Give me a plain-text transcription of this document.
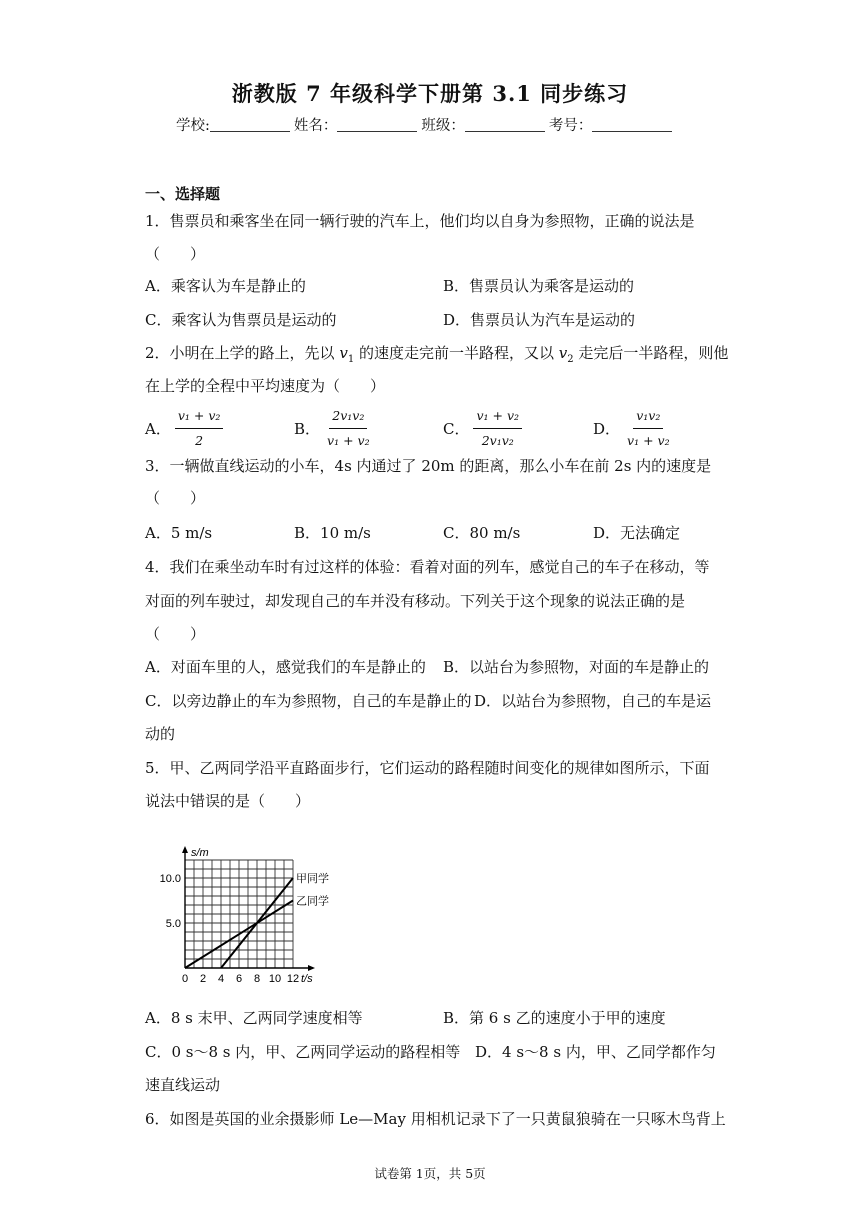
浙教版 7 年级科学下册第 3.1 同步练习
学校:	姓名：	班级：	考号：
一、选择题
1．售票员和乘客坐在同一辆行驶的汽车上，他们均以自身为参照物，正确的说法是
（　　）
A．乘客认为车是静止的	B．售票员认为乘客是运动的
C．乘客认为售票员是运动的	D．售票员认为汽车是运动的
2．小明在上学的路上，先以 $v_1$ 的速度走完前一半路程，又以 $v_2$ 走完后一半路程，则他
在上学的全程中平均速度为（　　）
A． $\frac{\text{v₁ + v₂}}{2}$	B． $\frac{\text{2v₁v₂}}{\text{v₁ + v₂}}$	C． $\frac{\text{v₁ + v₂}}{\text{2v₁v₂}}$	D． $\frac{\text{v₁v₂}}{\text{v₁ + v₂}}$
3．一辆做直线运动的小车，4s 内通过了 20m 的距离，那么小车在前 2s 内的速度是
（　　）
A．5 m/s	B．10 m/s	C．80 m/s	D．无法确定
4．我们在乘坐动车时有过这样的体验：看着对面的列车，感觉自己的车子在移动，等
对面的列车驶过，却发现自己的车并没有移动。下列关于这个现象的说法正确的是
（　　）
A．对面车里的人，感觉我们的车是静止的 B．以站台为参照物，对面的车是静止的
C．以旁边静止的车为参照物，自己的车是静止的 D．以站台为参照物，自己的车是运
动的
5．甲、乙两同学沿平直路面步行，它们运动的路程随时间变化的规律如图所示，下面
说法中错误的是（　　）
甲同学
乙同学
0 2 4 6 8 10 12
5.0
10.0
s/m
t/s
A．8 s 末甲、乙两同学速度相等	B．第 6 s 乙的速度小于甲的速度
C．0 s～8 s 内，甲、乙两同学运动的路程相等 D．4 s～8 s 内，甲、乙同学都作匀
速直线运动
6．如图是英国的业余摄影师 Le—May 用相机记录下了一只黄鼠狼骑在一只啄木鸟背上
试卷第 1页，共 5页
